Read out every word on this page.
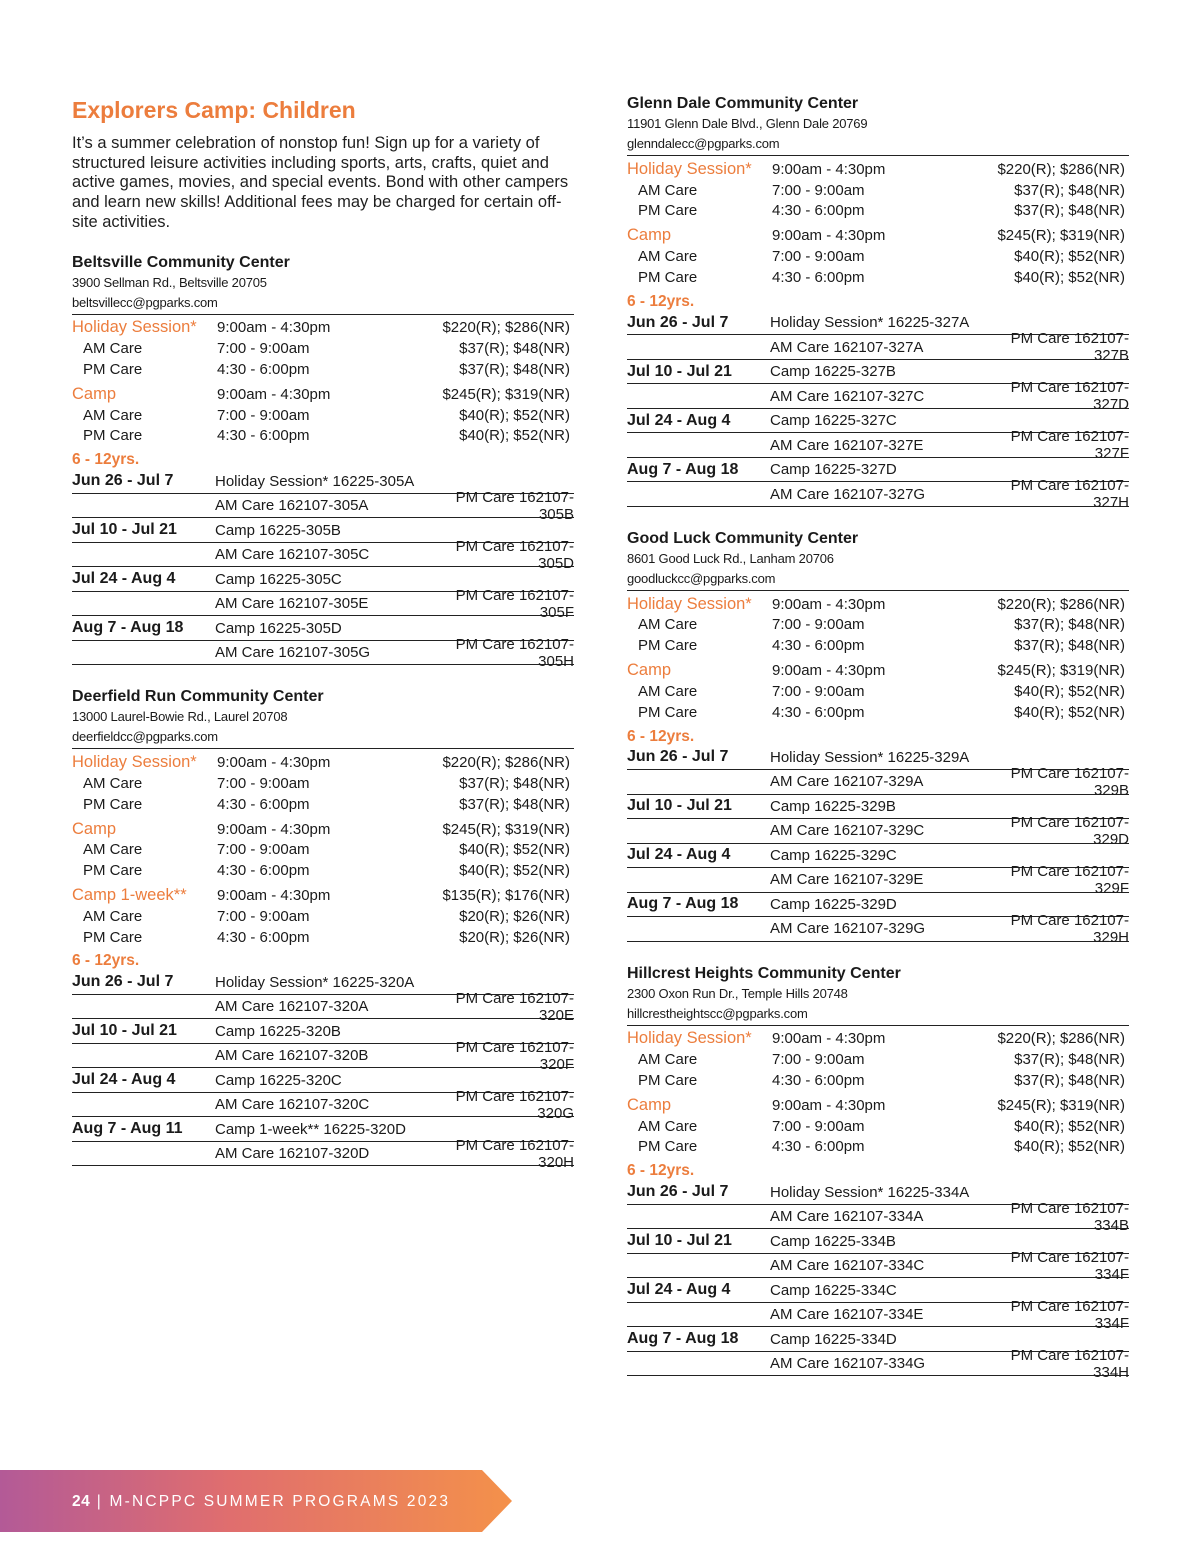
Explorers Camp: Children

It’s a summer celebration of nonstop fun! Sign up for a variety of structured leisure activities including sports, arts, crafts, quiet and active games, movies, and special events. Bond with other campers and learn new skills! Additional fees may be charged for certain off-site activities.

Beltsville Community Center
3900 Sellman Rd., Beltsville 20705
beltsvillecc@pgparks.com
Holiday Session*	9:00am - 4:30pm	$220(R); $286(NR)
AM Care	7:00 - 9:00am	$37(R); $48(NR)
PM Care	4:30 - 6:00pm	$37(R); $48(NR)
Camp	9:00am - 4:30pm	$245(R); $319(NR)
AM Care	7:00 - 9:00am	$40(R); $52(NR)
PM Care	4:30 - 6:00pm	$40(R); $52(NR)
6 - 12yrs.
Jun 26 - Jul 7	Holiday Session* 16225-305A
AM Care 162107-305A	PM Care 162107-305B
Jul 10 - Jul 21	Camp 16225-305B
AM Care 162107-305C	PM Care 162107-305D
Jul 24 - Aug 4	Camp 16225-305C
AM Care 162107-305E	PM Care 162107-305F
Aug 7 - Aug 18	Camp 16225-305D
AM Care 162107-305G	PM Care 162107-305H
Deerfield Run Community Center
13000 Laurel-Bowie Rd., Laurel 20708
deerfieldcc@pgparks.com
Holiday Session*	9:00am - 4:30pm	$220(R); $286(NR)
AM Care	7:00 - 9:00am	$37(R); $48(NR)
PM Care	4:30 - 6:00pm	$37(R); $48(NR)
Camp	9:00am - 4:30pm	$245(R); $319(NR)
AM Care	7:00 - 9:00am	$40(R); $52(NR)
PM Care	4:30 - 6:00pm	$40(R); $52(NR)
Camp 1-week**	9:00am - 4:30pm	$135(R); $176(NR)
AM Care	7:00 - 9:00am	$20(R); $26(NR)
PM Care	4:30 - 6:00pm	$20(R); $26(NR)
6 - 12yrs.
Jun 26 - Jul 7	Holiday Session* 16225-320A
AM Care 162107-320A	PM Care 162107-320E
Jul 10 - Jul 21	Camp 16225-320B
AM Care 162107-320B	PM Care 162107-320F
Jul 24 - Aug 4	Camp 16225-320C
AM Care 162107-320C	PM Care 162107-320G
Aug 7 - Aug 11	Camp 1-week** 16225-320D
AM Care 162107-320D	PM Care 162107-320H
Glenn Dale Community Center
11901 Glenn Dale Blvd., Glenn Dale 20769
glenndalecc@pgparks.com
Holiday Session*	9:00am - 4:30pm	$220(R); $286(NR)
AM Care	7:00 - 9:00am	$37(R); $48(NR)
PM Care	4:30 - 6:00pm	$37(R); $48(NR)
Camp	9:00am - 4:30pm	$245(R); $319(NR)
AM Care	7:00 - 9:00am	$40(R); $52(NR)
PM Care	4:30 - 6:00pm	$40(R); $52(NR)
6 - 12yrs.
Jun 26 - Jul 7	Holiday Session* 16225-327A
AM Care 162107-327A	PM Care 162107-327B
Jul 10 - Jul 21	Camp 16225-327B
AM Care 162107-327C	PM Care 162107-327D
Jul 24 - Aug 4	Camp 16225-327C
AM Care 162107-327E	PM Care 162107-327F
Aug 7 - Aug 18	Camp 16225-327D
AM Care 162107-327G	PM Care 162107-327H
Good Luck Community Center
8601 Good Luck Rd., Lanham 20706
goodluckcc@pgparks.com
Holiday Session*	9:00am - 4:30pm	$220(R); $286(NR)
AM Care	7:00 - 9:00am	$37(R); $48(NR)
PM Care	4:30 - 6:00pm	$37(R); $48(NR)
Camp	9:00am - 4:30pm	$245(R); $319(NR)
AM Care	7:00 - 9:00am	$40(R); $52(NR)
PM Care	4:30 - 6:00pm	$40(R); $52(NR)
6 - 12yrs.
Jun 26 - Jul 7	Holiday Session* 16225-329A
AM Care 162107-329A	PM Care 162107-329B
Jul 10 - Jul 21	Camp 16225-329B
AM Care 162107-329C	PM Care 162107-329D
Jul 24 - Aug 4	Camp 16225-329C
AM Care 162107-329E	PM Care 162107-329F
Aug 7 - Aug 18	Camp 16225-329D
AM Care 162107-329G	PM Care 162107-329H
Hillcrest Heights Community Center
2300 Oxon Run Dr., Temple Hills 20748
hillcrestheightscc@pgparks.com
Holiday Session*	9:00am - 4:30pm	$220(R); $286(NR)
AM Care	7:00 - 9:00am	$37(R); $48(NR)
PM Care	4:30 - 6:00pm	$37(R); $48(NR)
Camp	9:00am - 4:30pm	$245(R); $319(NR)
AM Care	7:00 - 9:00am	$40(R); $52(NR)
PM Care	4:30 - 6:00pm	$40(R); $52(NR)
6 - 12yrs.
Jun 26 - Jul 7	Holiday Session* 16225-334A
AM Care 162107-334A	PM Care 162107-334B
Jul 10 - Jul 21	Camp 16225-334B
AM Care 162107-334C	PM Care 162107-334F
Jul 24 - Aug 4	Camp 16225-334C
AM Care 162107-334E	PM Care 162107-334F
Aug 7 - Aug 18	Camp 16225-334D
AM Care 162107-334G	PM Care 162107-334H
24 | M-NCPPC SUMMER PROGRAMS 2023
